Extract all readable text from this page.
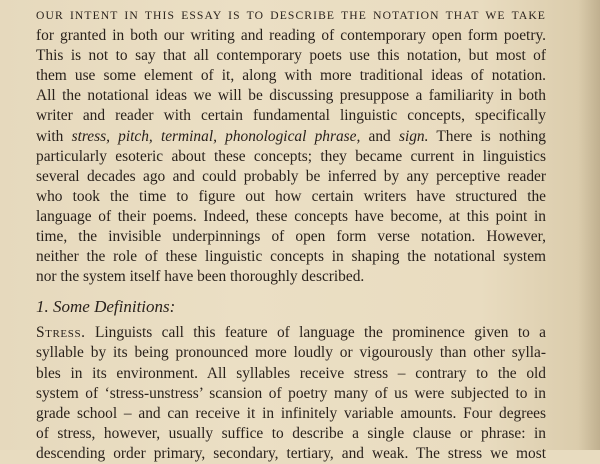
OUR INTENT IN THIS ESSAY IS TO DESCRIBE THE NOTATION THAT WE TAKE
for granted in both our writing and reading of contemporary open form poetry.
This is not to say that all contemporary poets use this notation, but most of
them use some element of it, along with more traditional ideas of notation.
All the notational ideas we will be discussing presuppose a familiarity in both
writer and reader with certain fundamental linguistic concepts, specifically
with stress, pitch, terminal, phonological phrase, and sign. There is nothing
particularly esoteric about these concepts; they became current in linguistics
several decades ago and could probably be inferred by any perceptive reader
who took the time to figure out how certain writers have structured the
language of their poems. Indeed, these concepts have become, at this point in
time, the invisible underpinnings of open form verse notation. However,
neither the role of these linguistic concepts in shaping the notational system
nor the system itself have been thoroughly described.
1. Some Definitions:
Stress. Linguists call this feature of language the prominence given to a
syllable by its being pronounced more loudly or vigourously than other sylla-
bles in its environment. All syllables receive stress – contrary to the old
system of ‘stress-unstress’ scansion of poetry many of us were subjected to in
grade school – and can receive it in infinitely variable amounts. Four degrees
of stress, however, usually suffice to describe a single clause or phrase: in
descending order primary, secondary, tertiary, and weak. The stress we most
